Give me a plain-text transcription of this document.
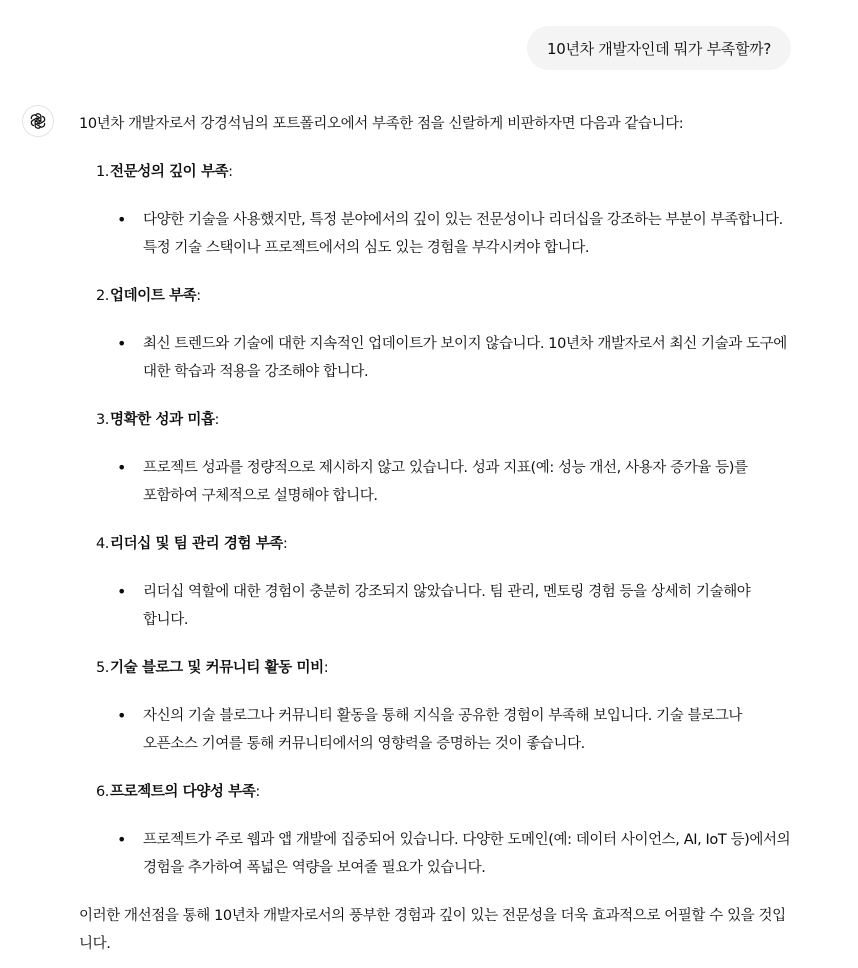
10년차 개발자인데 뭐가 부족할까?

10년차 개발자로서 강경석님의 포트폴리오에서 부족한 점을 신랄하게 비판하자면 다음과 같습니다:

1. 전문성의 깊이 부족:
•	다양한 기술을 사용했지만, 특정 분야에서의 깊이 있는 전문성이나 리더십을 강조하는 부분이 부족합니다. 특정 기술 스택이나 프로젝트에서의 심도 있는 경험을 부각시켜야 합니다.
2. 업데이트 부족:
•	최신 트렌드와 기술에 대한 지속적인 업데이트가 보이지 않습니다. 10년차 개발자로서 최신 기술과 도구에 대한 학습과 적용을 강조해야 합니다.
3. 명확한 성과 미흡:
•	프로젝트 성과를 정량적으로 제시하지 않고 있습니다. 성과 지표(예: 성능 개선, 사용자 증가율 등)를 포함하여 구체적으로 설명해야 합니다.
4. 리더십 및 팀 관리 경험 부족:
•	리더십 역할에 대한 경험이 충분히 강조되지 않았습니다. 팀 관리, 멘토링 경험 등을 상세히 기술해야 합니다.
5. 기술 블로그 및 커뮤니티 활동 미비:
•	자신의 기술 블로그나 커뮤니티 활동을 통해 지식을 공유한 경험이 부족해 보입니다. 기술 블로그나 오픈소스 기여를 통해 커뮤니티에서의 영향력을 증명하는 것이 좋습니다.
6. 프로젝트의 다양성 부족:
•	프로젝트가 주로 웹과 앱 개발에 집중되어 있습니다. 다양한 도메인(예: 데이터 사이언스, AI, IoT 등)에서의 경험을 추가하여 폭넓은 역량을 보여줄 필요가 있습니다.

이러한 개선점을 통해 10년차 개발자로서의 풍부한 경험과 깊이 있는 전문성을 더욱 효과적으로 어필할 수 있을 것입니다.
